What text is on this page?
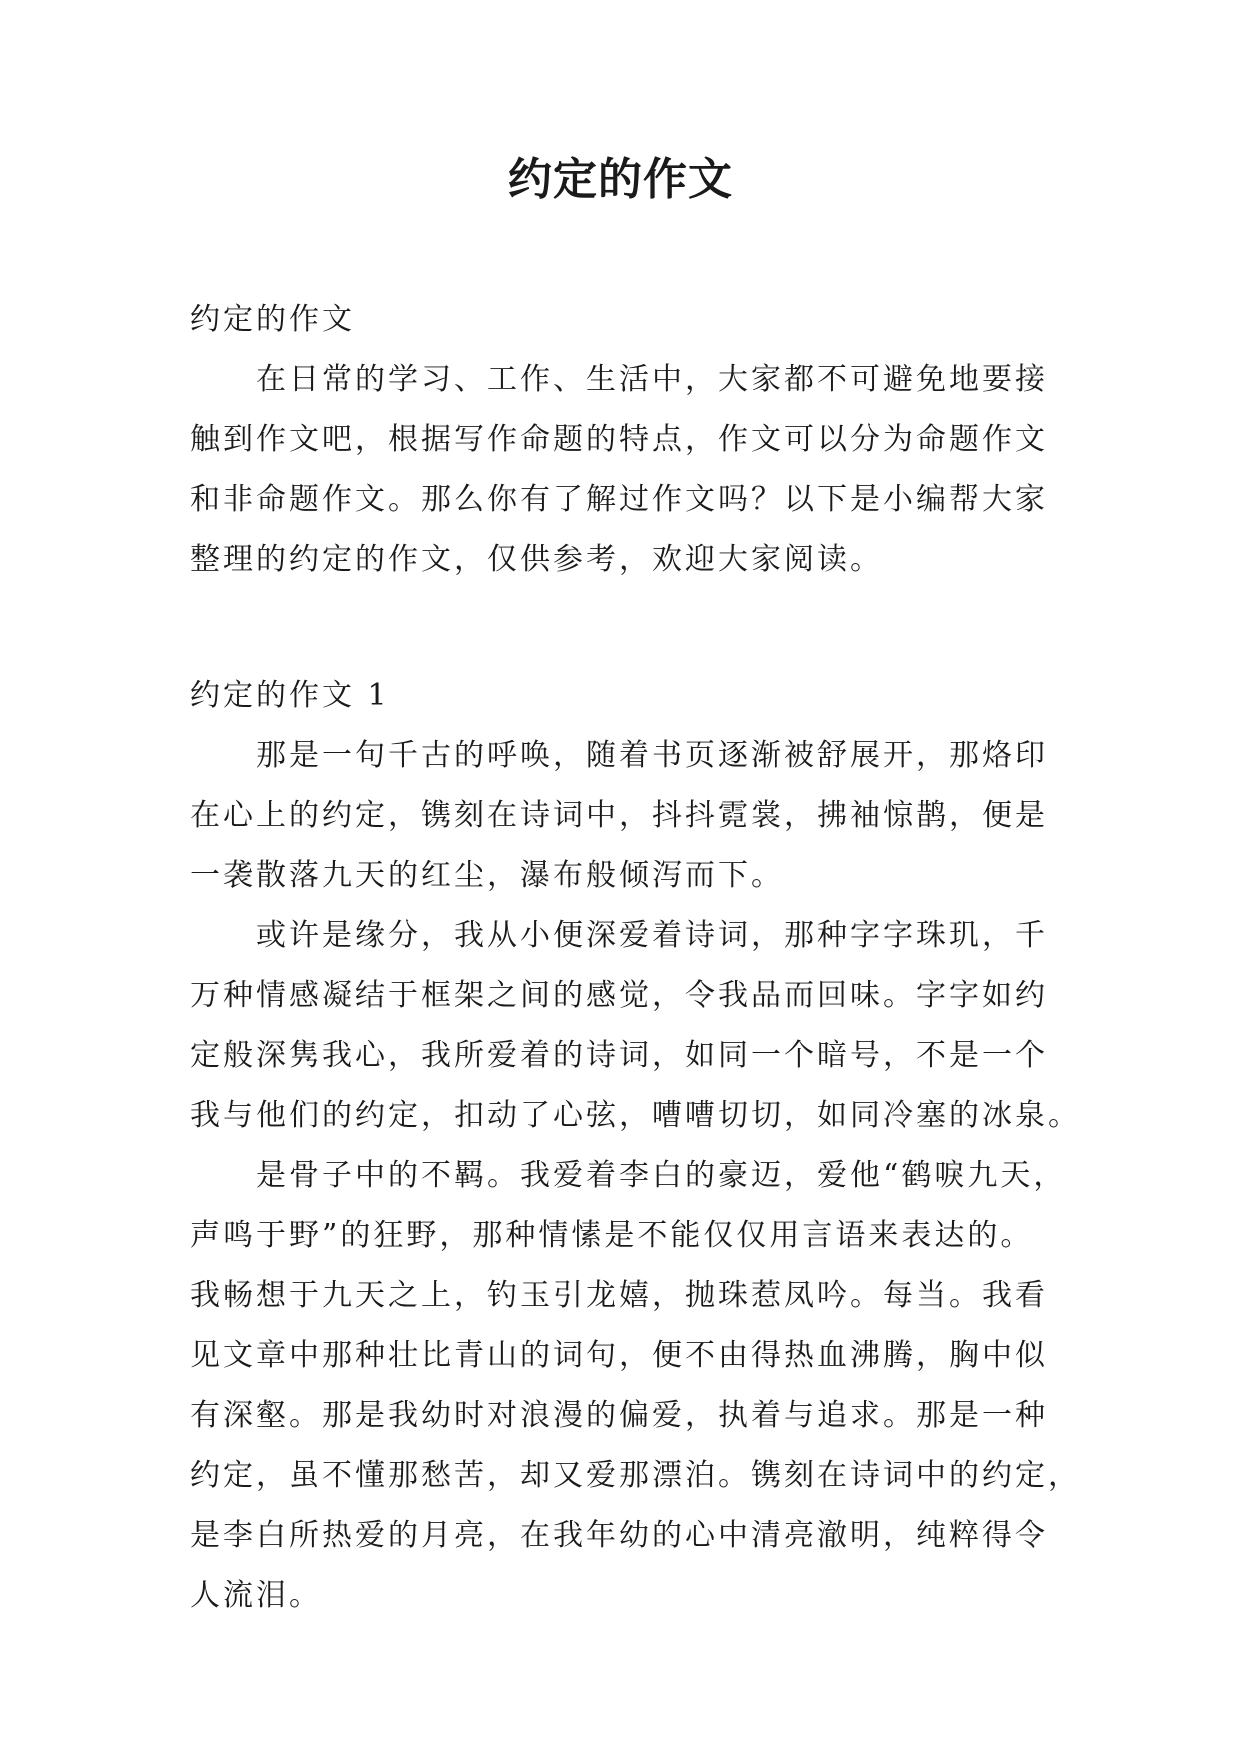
约定的作文

约定的作文

在日常的学习、工作、生活中，大家都不可避免地要接
触到作文吧，根据写作命题的特点，作文可以分为命题作文
和非命题作文。那么你有了解过作文吗？以下是小编帮大家
整理的约定的作文，仅供参考，欢迎大家阅读。

约定的作文 1

那是一句千古的呼唤，随着书页逐渐被舒展开，那烙印
在心上的约定，镌刻在诗词中，抖抖霓裳，拂袖惊鹊，便是
一袭散落九天的红尘，瀑布般倾泻而下。

或许是缘分，我从小便深爱着诗词，那种字字珠玑，千
万种情感凝结于框架之间的感觉，令我品而回味。字字如约
定般深隽我心，我所爱着的诗词，如同一个暗号，不是一个
我与他们的约定，扣动了心弦，嘈嘈切切，如同冷塞的冰泉。

是骨子中的不羁。我爱着李白的豪迈，爱他“鹤唳九天，
声鸣于野”的狂野，那种情愫是不能仅仅用言语来表达的。
我畅想于九天之上，钓玉引龙嬉，抛珠惹凤吟。每当。我看
见文章中那种壮比青山的词句，便不由得热血沸腾，胸中似
有深壑。那是我幼时对浪漫的偏爱，执着与追求。那是一种
约定，虽不懂那愁苦，却又爱那漂泊。镌刻在诗词中的约定，
是李白所热爱的月亮，在我年幼的心中清亮澈明，纯粹得令
人流泪。
